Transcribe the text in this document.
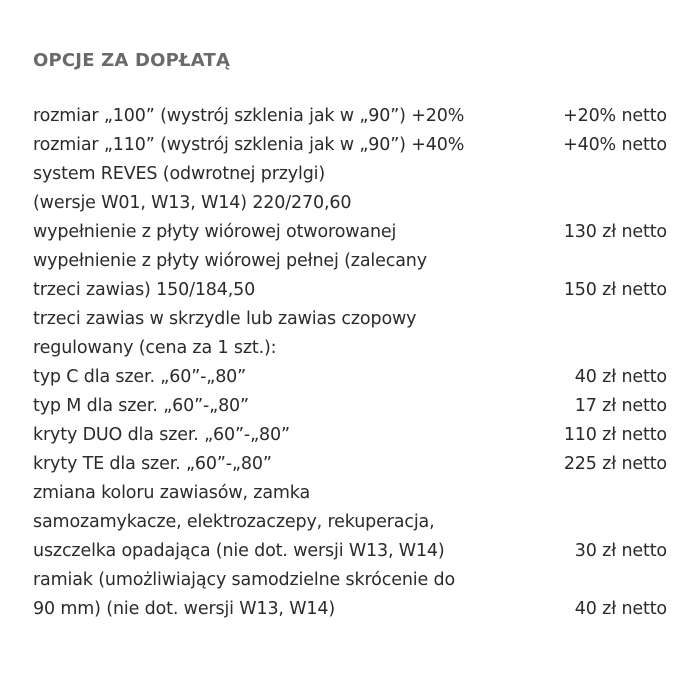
OPCJE ZA DOPŁATĄ
rozmiar „100” (wystrój szklenia jak w „90”) +20%	+20% netto
rozmiar „110” (wystrój szklenia jak w „90”) +40%	+40% netto
system REVES (odwrotnej przylgi)
(wersje W01, W13, W14) 220/270,60
wypełnienie z płyty wiórowej otworowanej	130 zł netto
wypełnienie z płyty wiórowej pełnej (zalecany
trzeci zawias) 150/184,50	150 zł netto
trzeci zawias w skrzydle lub zawias czopowy
regulowany (cena za 1 szt.):
typ C dla szer. „60”-„80”	40 zł netto
typ M dla szer. „60”-„80”	17 zł netto
kryty DUO dla szer. „60”-„80”	110 zł netto
kryty TE dla szer. „60”-„80”	225 zł netto
zmiana koloru zawiasów, zamka
samozamykacze, elektrozaczepy, rekuperacja,
uszczelka opadająca (nie dot. wersji W13, W14)	30 zł netto
ramiak (umożliwiający samodzielne skrócenie do
90 mm) (nie dot. wersji W13, W14)	40 zł netto
